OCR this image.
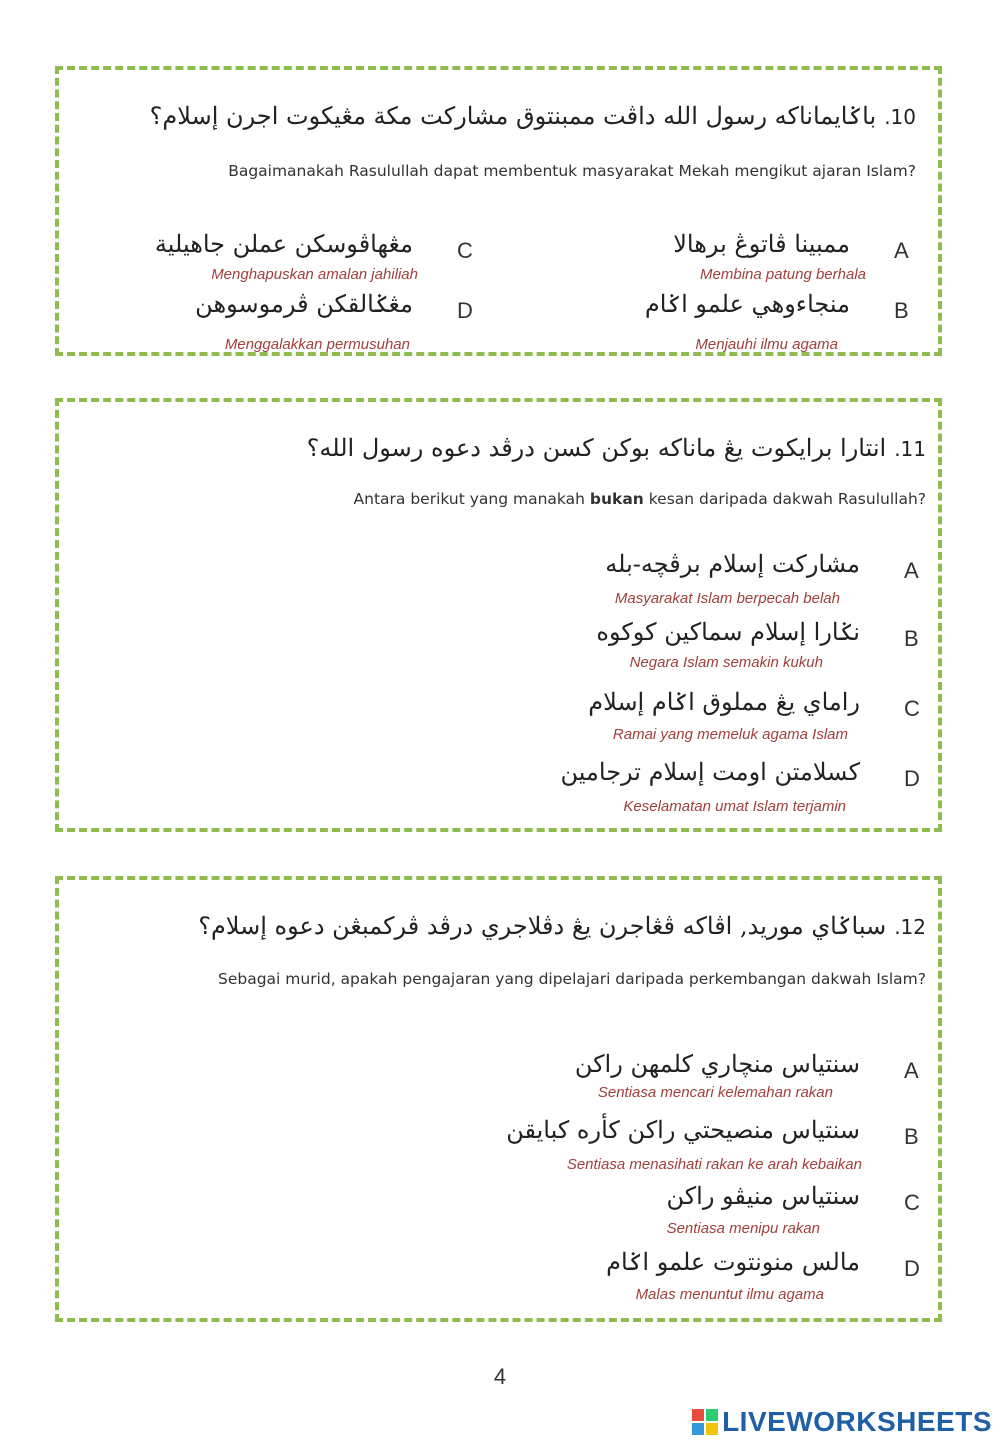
10.باݢايماناكه رسول الله داڤت ممبنتوق مشاركت مكة مڠيكوت اجرن إسلام؟
Bagaimanakah Rasulullah dapat membentuk masyarakat Mekah mengikut ajaran Islam?
A
ممبينا ڤاتوڠ برهالا
Membina patung berhala
B
منجاءوهي علمو اݢام
Menjauhi ilmu agama
C
مڠهاڤوسكن عملن جاهيلية
Menghapuskan amalan jahiliah
D
مڠݢالقكن ڤرموسوهن
Menggalakkan permusuhan
11.انتارا برايكوت يڠ ماناكه بوكن كسن درڤد دعوه رسول الله؟
Antara berikut yang manakah bukan kesan daripada dakwah Rasulullah?
A
مشاركت إسلام برڤچه-بله
Masyarakat Islam berpecah belah
B
نݢارا إسلام سماكين كوكوه
Negara Islam semakin kukuh
C
راماي يڠ مملوق اݢام إسلام
Ramai yang memeluk agama Islam
D
كسلامتن اومت إسلام ترجامين
Keselamatan umat Islam terjamin
12.سباݢاي موريد, اڤاكه ڤڠاجرن يڠ دڤلاجري درڤد ڤركمبڠن دعوه إسلام؟
Sebagai murid, apakah pengajaran yang dipelajari daripada perkembangan dakwah Islam?
A
سنتياس منچاري كلمهن راكن
Sentiasa mencari kelemahan rakan
B
سنتياس منصيحتي راكن كأره كبايقن
Sentiasa menasihati rakan ke arah kebaikan
C
سنتياس منيڤو راكن
Sentiasa menipu rakan
D
مالس منونتوت علمو اݢام
Malas menuntut ilmu agama
4
LIVEWORKSHEETS
